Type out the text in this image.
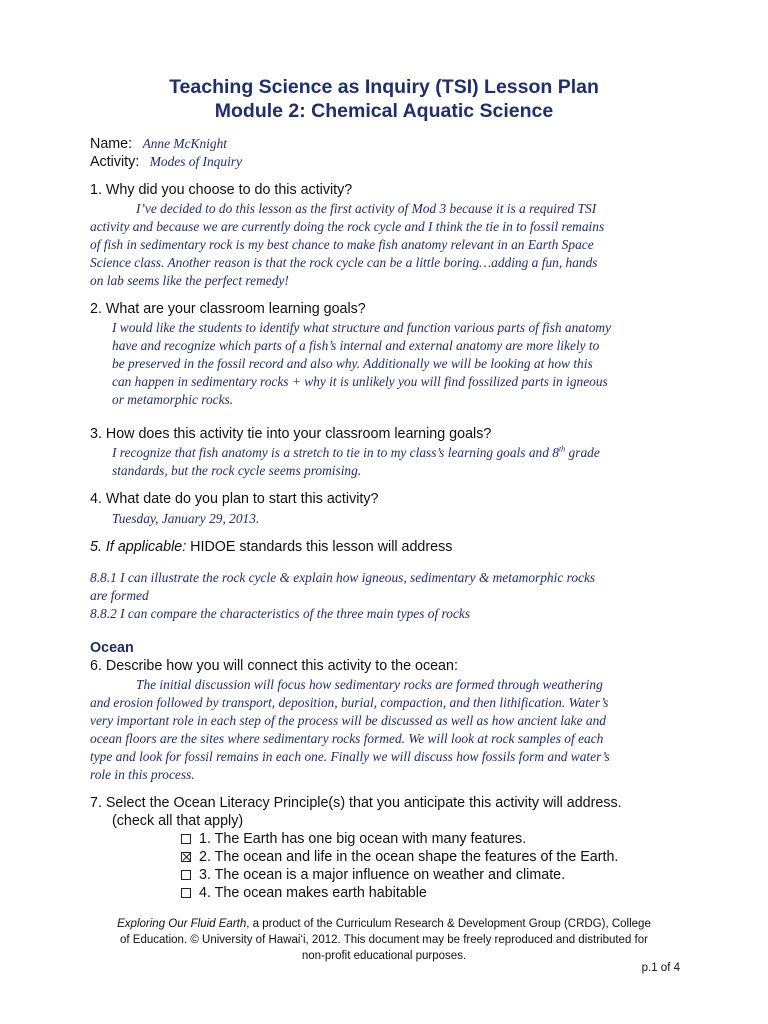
Teaching Science as Inquiry (TSI) Lesson Plan
Module 2: Chemical Aquatic Science
Name: Anne McKnight
Activity: Modes of Inquiry
1. Why did you choose to do this activity?
I’ve decided to do this lesson as the first activity of Mod 3 because it is a required TSI
activity and because we are currently doing the rock cycle and I think the tie in to fossil remains
of fish in sedimentary rock is my best chance to make fish anatomy relevant in an Earth Space
Science class. Another reason is that the rock cycle can be a little boring…adding a fun, hands
on lab seems like the perfect remedy!
2. What are your classroom learning goals?
I would like the students to identify what structure and function various parts of fish anatomy
have and recognize which parts of a fish’s internal and external anatomy are more likely to
be preserved in the fossil record and also why. Additionally we will be looking at how this
can happen in sedimentary rocks + why it is unlikely you will find fossilized parts in igneous
or metamorphic rocks.
3. How does this activity tie into your classroom learning goals?
I recognize that fish anatomy is a stretch to tie in to my class’s learning goals and 8th grade
standards, but the rock cycle seems promising.
4. What date do you plan to start this activity?
Tuesday, January 29, 2013.
5. If applicable: HIDOE standards this lesson will address
8.8.1 I can illustrate the rock cycle & explain how igneous, sedimentary & metamorphic rocks
are formed
8.8.2 I can compare the characteristics of the three main types of rocks
Ocean
6. Describe how you will connect this activity to the ocean:
The initial discussion will focus how sedimentary rocks are formed through weathering
and erosion followed by transport, deposition, burial, compaction, and then lithification. Water’s
very important role in each step of the process will be discussed as well as how ancient lake and
ocean floors are the sites where sedimentary rocks formed. We will look at rock samples of each
type and look for fossil remains in each one. Finally we will discuss how fossils form and water’s
role in this process.
7. Select the Ocean Literacy Principle(s) that you anticipate this activity will address.
(check all that apply)
1. The Earth has one big ocean with many features.
2. The ocean and life in the ocean shape the features of the Earth.
3. The ocean is a major influence on weather and climate.
4. The ocean makes earth habitable
Exploring Our Fluid Earth, a product of the Curriculum Research & Development Group (CRDG), College
of Education. © University of Hawai‘i, 2012. This document may be freely reproduced and distributed for
non-profit educational purposes.
p.1 of 4
